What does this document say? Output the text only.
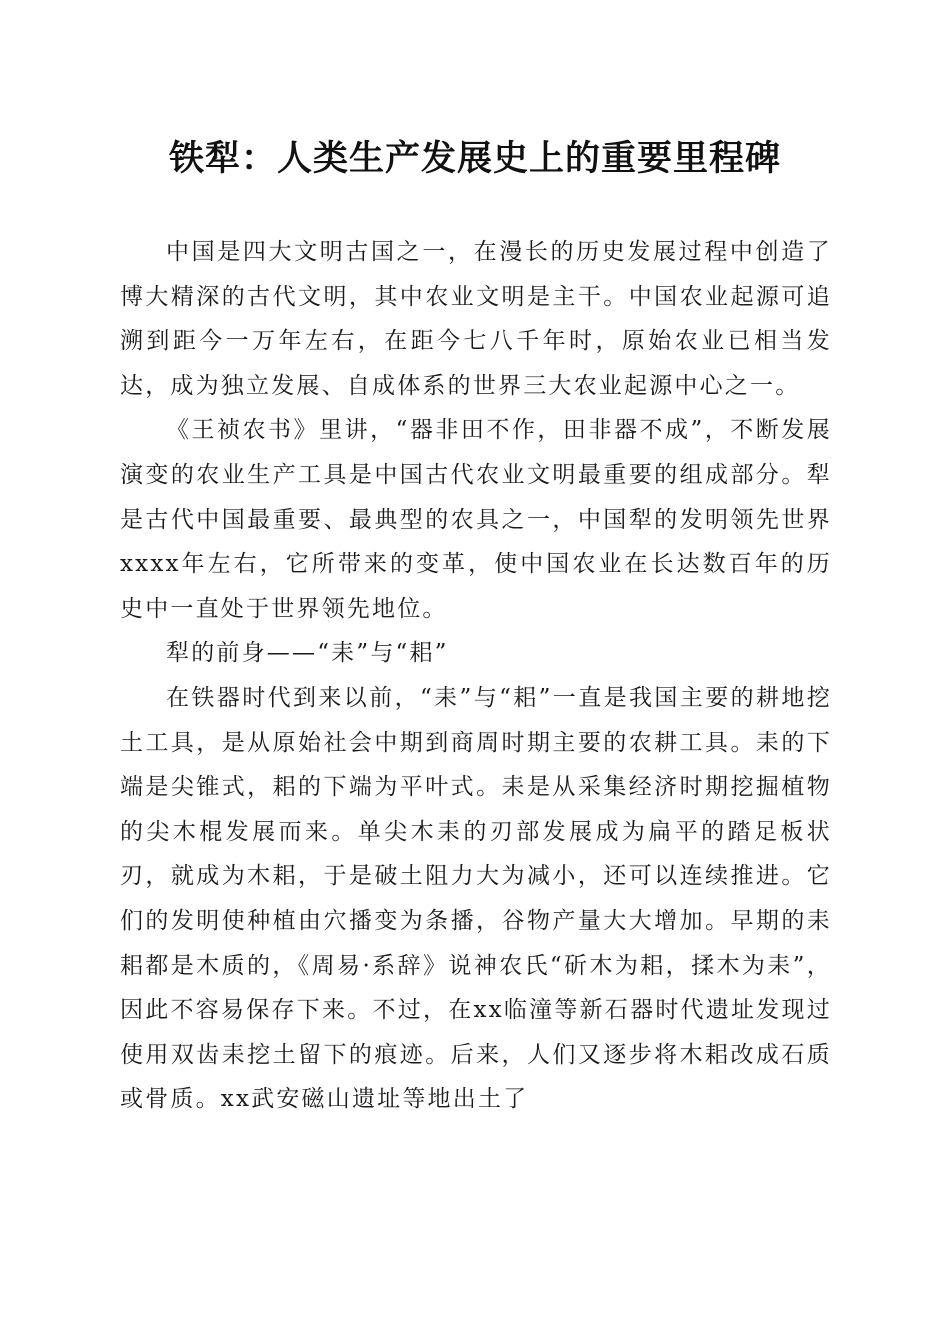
铁犁：人类生产发展史上的重要里程碑

中国是四大文明古国之一，在漫长的历史发展过程中创造了博大精深的古代文明，其中农业文明是主干。中国农业起源可追溯到距今一万年左右，在距今七八千年时，原始农业已相当发达，成为独立发展、自成体系的世界三大农业起源中心之一。

《王祯农书》里讲，“器非田不作，田非器不成”，不断发展演变的农业生产工具是中国古代农业文明最重要的组成部分。犁是古代中国最重要、最典型的农具之一，中国犁的发明领先世界xxxx年左右，它所带来的变革，使中国农业在长达数百年的历史中一直处于世界领先地位。

犁的前身——“耒”与“耜”

在铁器时代到来以前，“耒”与“耜”一直是我国主要的耕地挖土工具，是从原始社会中期到商周时期主要的农耕工具。耒的下端是尖锥式，耜的下端为平叶式。耒是从采集经济时期挖掘植物的尖木棍发展而来。单尖木耒的刃部发展成为扁平的踏足板状刃，就成为木耜，于是破土阻力大为减小，还可以连续推进。它们的发明使种植由穴播变为条播，谷物产量大大增加。早期的耒耜都是木质的，《周易·系辞》说神农氏“斫木为耜，揉木为耒”，因此不容易保存下来。不过，在xx临潼等新石器时代遗址发现过使用双齿耒挖土留下的痕迹。后来，人们又逐步将木耜改成石质或骨质。xx武安磁山遗址等地出土了
